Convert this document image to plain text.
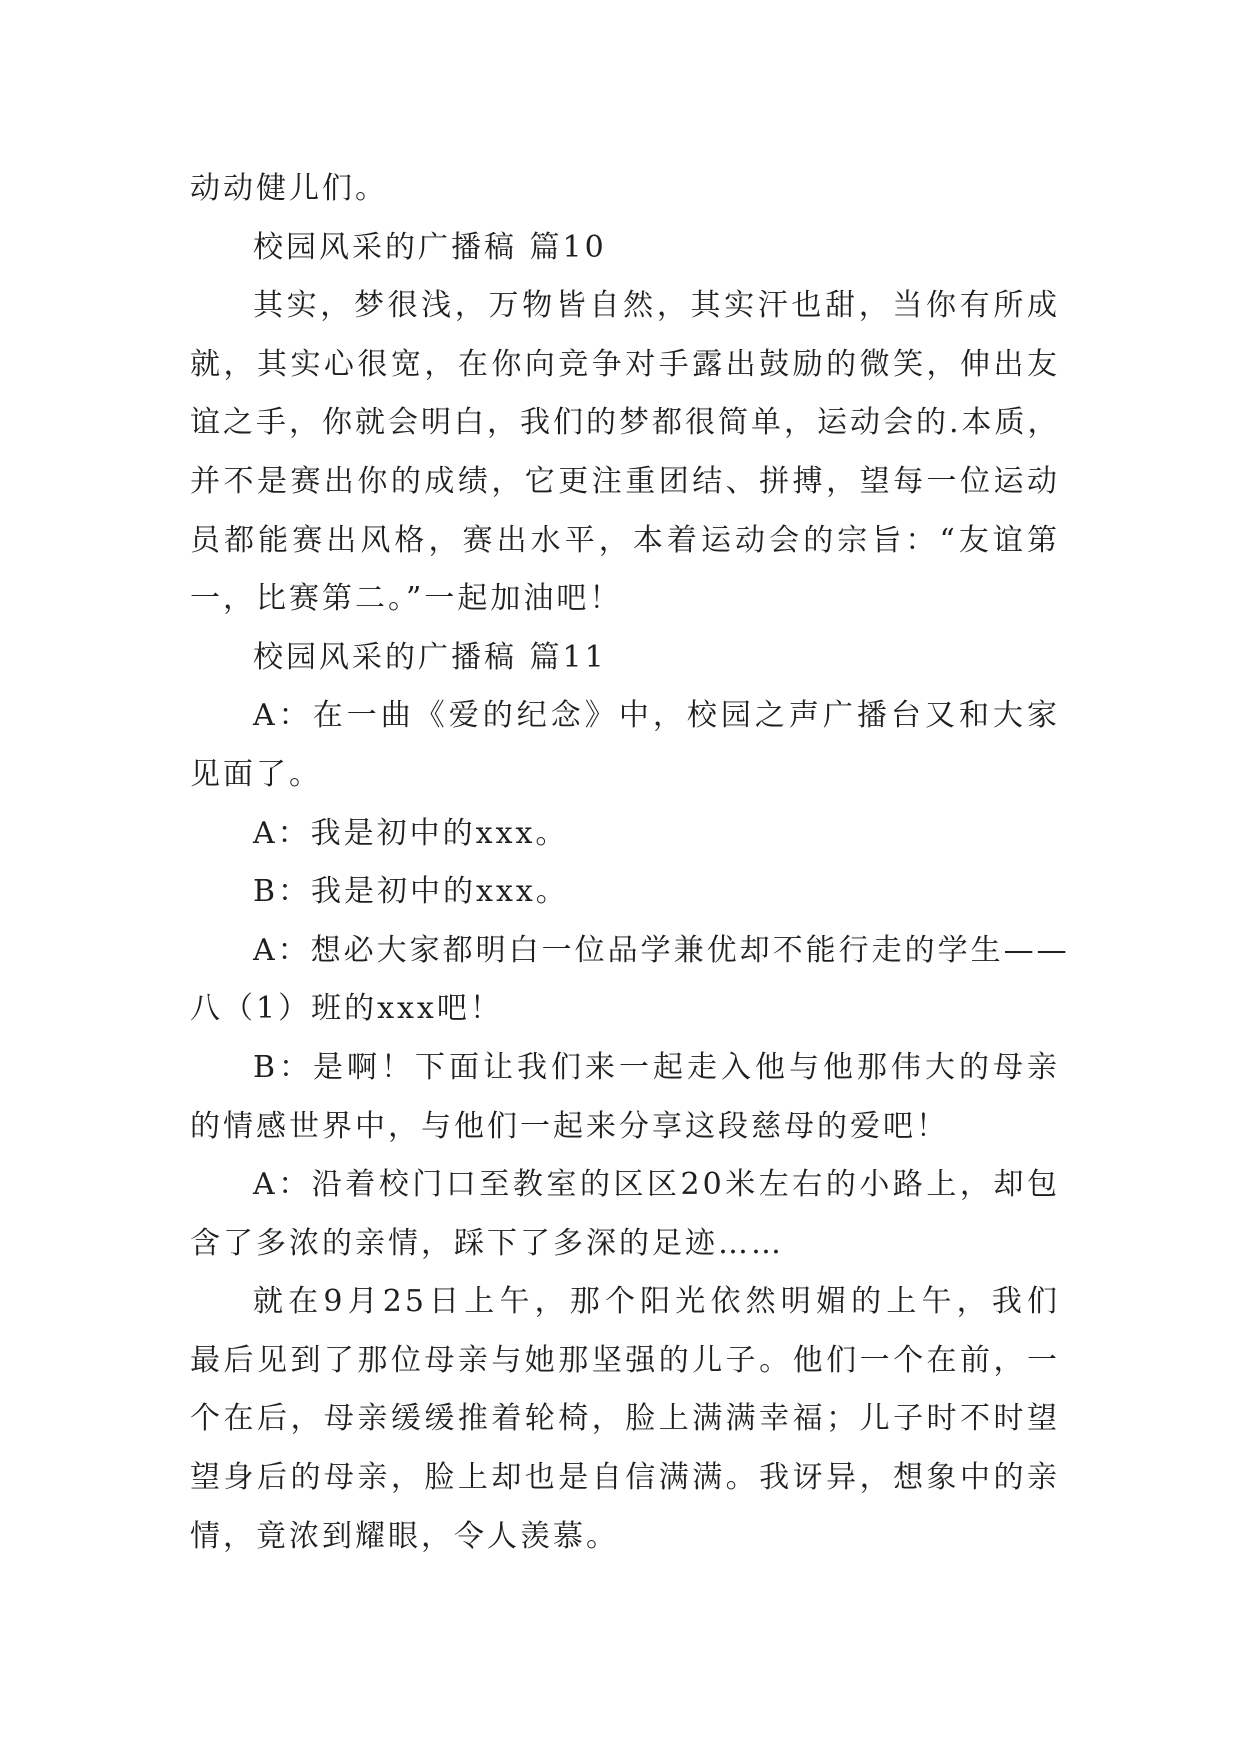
动动健儿们。
校园风采的广播稿 篇10
其实，梦很浅，万物皆自然，其实汗也甜，当你有所成
就，其实心很宽，在你向竞争对手露出鼓励的微笑，伸出友
谊之手，你就会明白，我们的梦都很简单，运动会的.本质，
并不是赛出你的成绩，它更注重团结、拼搏，望每一位运动
员都能赛出风格，赛出水平，本着运动会的宗旨：“友谊第
一，比赛第二。”一起加油吧！
校园风采的广播稿 篇11
A：在一曲《爱的纪念》中，校园之声广播台又和大家
见面了。
A：我是初中的xxx。
B：我是初中的xxx。
A：想必大家都明白一位品学兼优却不能行走的学生——
八（1）班的xxx吧！
B：是啊！下面让我们来一起走入他与他那伟大的母亲
的情感世界中，与他们一起来分享这段慈母的爱吧！
A：沿着校门口至教室的区区20米左右的小路上，却包
含了多浓的亲情，踩下了多深的足迹……
就在9月25日上午，那个阳光依然明媚的上午，我们
最后见到了那位母亲与她那坚强的儿子。他们一个在前，一
个在后，母亲缓缓推着轮椅，脸上满满幸福；儿子时不时望
望身后的母亲，脸上却也是自信满满。我讶异，想象中的亲
情，竟浓到耀眼，令人羡慕。
